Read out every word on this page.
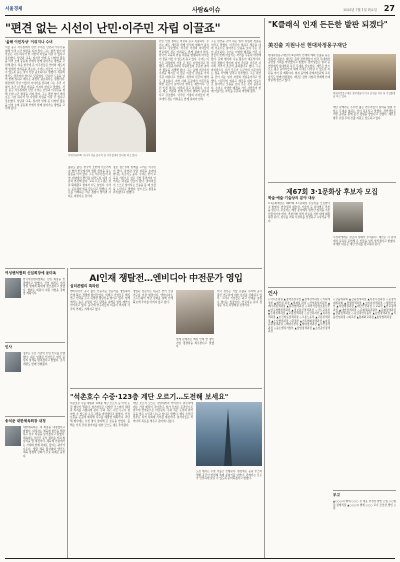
서울경제	사람&이슈	2025년 7월 1일 화요일 27
"편견 없는 시선이 난민·이주민 자립 이끌죠"
'올해 이민자상' 이위지나 수녀
서울 중구 사무실에서 만난 수녀는 난민과 이주민을 위해 오랜 시간 현장을 지켜 왔다. 그는 편견 없이 바라보는 시선 하나가 한 사람의 자립을 이끌 수 있다고 강조했다. 상담과 교육, 일자리 연계 등 다양한 활동을 이어 오며 공동체 안에서 함께 살아가는 방법을 고민해 왔다. 처음 한국에 온 이주민들은 언어와 제도의 벽 앞에서 어려움을 겪는다. 수녀는 이들이 스스로 설 수 있도록 돕는 것이 가장 중요하다고 말했다. 지원의 방식도 달라져야 한다고 덧붙였다. 단순한 도움을 넘어 함께 일하고 배우는 과정이 필요하다는 설명이다. 현장에서 만난 이들의 이야기를 전하며 그는 우리 사회가 조금 더 열린 마음을 가져야 한다고 말했다. 서울 중구 사무실에서 만난 수녀는 난민과 이주민을 위해 오랜 시간 현장을 지켜 왔다. 그는 편견 없이 바라보는 시선 하나가 한 사람의 자립을 이끌 수 있다고 강조했다. 상담과 교육, 일자리 연계 등 다양한 활동을 이어 오며 공동체 안에서 함께 살아가는 방법을 고민해 왔다.
이위지나(53) 수녀가 서울 중구의 한 사무실에서 인터뷰 하고 있다.
출판도 출신, 한국어 오반에 이르기까지 협력 한국에서의 생활 정착을 돕는 활동을 이어 왔다. 그는 이주민들이 지역 사회에서 뿌리를 내리도록 여러 기관과 연결해 왔다. 교육 프로그램은 점차 확대됐고 참여자 수도 늘었다. 수녀는 공동체의 힘을 믿는다고 말했다. 서로를 이해하는 작은 경험이 쌓이면 사회도 바뀐다는 것이다.
정보 접근성의 한계를 느끼는 이주민이 많다. 통역과 상담 지원을 늘려야 한다는 목소리도 높다. 수녀는 언어 교육을 기본으로 삼고 직업 훈련까지 이어지는 과정을 만들어 왔다. 참여자들이 스스로 일어서는 모습을 볼 때 보람을 느낀다고 말했다. 앞으로도 현장을 지키겠다고 밝혔다.
난민 인정 절차는 여전히 길고 복잡하다. 수녀는 제도 개선과 함께 인식의 변화가 필요하다고 강조했다. 이주민 가정의 자녀들이 학교에서 겪는 어려움도 함께 살펴야 한다. 한국어 교육과 학습 지원을 병행하며 아이들이 꿈을 키울 수 있도록 돕고 있다. 수녀는 이 모든 과정에서 가장 큰 힘은 사람이라고 말했다. 자원봉사자와 후원자들의 꾸준한 참여가 활동을 지탱해 왔다. 그는 올해 이민자상 수상을 계기로 더 많은 이들이 관심을 가져 주길 바란다고 전했다. 정부와 민간의 협력도 필요하다. 지역 사회 곳곳에서 이주민을 위한 공간이 늘어나야 한다는 제안이다. 난민 인정 절차는 여전히 길고 복잡하다. 수녀는 제도 개선과 함께 인식의 변화가 필요하다고 강조했다. 이주민 가정의 자녀들이 학교에서 겪는 어려움도 함께 살펴야 한다.
그는 편견을 걷어 내는 일이 자립의 첫걸음이라고 말했다. 이주민이 일하고 세금을 내며 이웃으로 살아가는 모습을 보여 주는 것이 중요하다. 수녀는 다양한 배경을 가진 사람들이 함께 어울리는 자리를 꾸준히 마련해 왔다. 문화 행사와 나눔 활동이 대표적이다. 이런 경험이 쌓이며 지역 주민과 이주민 사이의 거리가 조금씩 좁혀졌다고 했다. 그는 마지막으로 우리 모두가 누군가의 이웃이라는 점을 기억해 달라고 당부했다. 그는 편견을 걷어 내는 일이 자립의 첫걸음이라고 말했다. 이주민이 일하고 세금을 내며 이웃으로 살아가는 모습을 보여 주는 것이 중요하다. 수녀는 다양한 배경을 가진 사람들이 함께 어울리는 자리를 꾸준히 마련해 왔다.
"K클래식 인재 든든한 발판 되겠다"
美진출 지원나선 현대차정몽구재단
현대차정몽구재단이 K클래식 인재의 해외 진출을 돕는 지원에 나섰다. 재단은 음악 장학생들이 미국 무대에서 공연할 기회를 마련했다고 밝혔다. 장학생들은 현지 공연장에서 실내악과 독주 무대를 선보였다. 재단은 앞으로도 젊은 음악가들이 세계 무대로 나아갈 수 있도록 지원을 이어 갈 계획이다. 현지 음악계 관계자들과의 교류 자리도 함께 마련됐다. 재단은 장학 사업과 연계해 인재 발굴에 힘쓰고 있다.
현대차정몽구재단 장학생들이 미국 공연을 마친 뒤 기념촬영을 하고 있다.
재단 관계자는 우수한 젊은 연주자들이 실력을 펼칠 수 있는 무대를 넓히는 것이 목표라고 말했다. 장학생들은 이번 공연을 통해 값진 경험을 쌓았다고 전했다. 재단은 향후 유럽 무대 진출 지원도 검토하고 있다.
제67회 3·1문화상 후보자 모집
학술·예술·기술상의 분야 대상
3·1문화재단은 제67회 3·1문화상 후보자를 모집한다고 밝혔다. 학술상과 예술상, 기술상 등 분야별로 추천을 받는다. 후보자는 해당 분야에서 뛰어난 업적을 이룬 인물이어야 한다. 추천서와 업적 자료를 기한 내에 제출하면 된다. 심사를 거쳐 수상자를 선정하고 시상식을 연다.
수상자에게는 상금과 상패가 수여된다. 재단은 각 분야에서 묵묵히 공헌해 온 인물을 널리 알리겠다고 밝혔다. 자세한 내용은 재단 안내를 참고하면 된다.
여성벤처협회 신임회장에 윤미옥
한국여성벤처협회는 신임 회장을 선출했다고 밝혔다. 신임 회장은 여성 창업 생태계 확대에 힘쓰겠다고 말했다. 협회는 회원사 지원 사업을 강화할 계획이다.
인사
정부는 주요 기관의 신임 인사를 단행했다. 새로 임명된 인사들은 현장 중심의 정책을 펼치겠다고 밝혔다. 조직 개편도 함께 진행됐다.
송석준 대한체육회장 내정
대한체육회는 새 회장을 내정했다고 밝혔다. 내정자는 체육계 현안을 해결하고 선수 지원을 늘리겠다고 말했다. 체육회는 조만간 공식 절차를 거쳐 취임식을 열 예정이다. 체육계 안팎에서는 기대와 함께 과제도 많다는 평가가 나온다. 생활 체육 활성화와 엘리트 체육 경쟁력 강화가 주요 과제로 꼽힌다.
AI인재 쟁탈전…엔비디아 中전문가 영입
실리콘밸리 특파원
엔비디아가 중국 출신 인공지능 전문가를 영입하며 인재 확보 경쟁에 뛰어들었다. 빅테크 기업들은 핵심 연구 인력을 두고 치열한 쟁탈전을 벌이고 있다. 업계에서는 높은 보상과 연구 환경을 내세운 영입 제안이 이어지고 있다. 중국계 연구자들의 비중이 커지며 각국의 견제도 거세지고 있다.
영입된 전문가는 대규모 언어 모델 연구를 이끌 예정이다. 엔비디아는 소프트웨어 역량 강화를 위해 인재 확보에 투자를 아끼지 않고 있다.
업계 관계자는 핵심 인재 한 명이 기업 경쟁력을 좌우한다고 말했다.
미국 정부는 기술 유출을 우려해 중국 출신 연구자에 대한 심사를 강화하고 있다. 그러나 기업들은 최고 인재를 놓칠 수 없다는 입장이다. 인공지능 분야 경쟁은 더욱 치열해질 전망이다.
"석촌호수 수중·123층 계단 오르기…도전해 보세요"
석촌호수 수중 체험과 123층 계단 오르기 등 이색 도전 행사가 열린다. 참가자들은 다양한 코스에서 체력과 의지를 시험하게 된다. 주최 측은 시민 누구나 참여할 수 있도록 프로그램을 마련했다고 밝혔다. 안전 요원을 곳곳에 배치해 사고를 예방할 계획이다. 지난해 행사에는 수천 명이 참여해 큰 호응을 얻었다. 올해는 가족 단위 참가자를 위한 코스도 새로 추가됐다.
계단 오르기 코스는 전망대까지 이어진다. 완주자에게는 기념 메달이 주어진다. 참가 신청은 온라인으로 받으며 선착순으로 마감된다. 주최 측은 도전의 즐거움을 많은 시민과 나누고 싶다고 말했다. 행사 수익금 일부는 지역 사회에 기부될 예정이다. 참가자들은 저마다의 목표를 세우고 준비에 나섰다.
도전 행사는 주말 이틀간 진행된다. 현장에는 응원 부스와 체험 공간이 마련돼 축제 분위기를 더한다. 관계자는 모두가 안전하게 즐길 수 있도록 준비하겠다고 밝혔다.
인사
◇국무조정실 ▲정책조정국장 ▲정책관리과장 ◇기획재정부 ▲예산실 과장 ▲세제실 과장 ◇산업통상자원부 ▲에너지정책과장 ▲통상협력과장 ◇과학기술정보통신부 ▲연구개발정책과장 ▲정보통신정책과장 ◇국토교통부 ▲주택정책과장 ▲교통정책과장 ◇보건복지부 ▲복지정책과장 ▲보건의료정책과장 ◇고용노동부 ▲고용정책과장 ▲노사협력과장 ◇환경부 ▲기후변화정책과장 ▲자원순환정책과장 ◇해양수산부 ▲해양정책과장 ▲수산정책과장 ◇중소벤처기업부 ▲창업정책과장 ▲소상공인정책과장
◇금융위원회 ▲금융정책과장 ▲자본시장과장 ◇공정거래위원회 ▲경쟁정책과장 ▲소비자정책과장 ◇행정안전부 ▲지방재정과장 ▲재난안전과장 ◇교육부 ▲학교정책과장 ▲대학정책과장 ◇문화체육관광부 ▲문화정책과장 ▲관광정책과장 ◇농림축산식품부 ▲농업정책과장 ▲식품산업과장 ◇외교부 ▲경제외교과장 ▲통상협력과장
부고
▲○○○씨 별세 ○○○ 전 대표 부친상 발인 ○일 ○○병원 장례식장 ▲○○○씨 별세 ○○○ 교수 모친상 발인 ○일
